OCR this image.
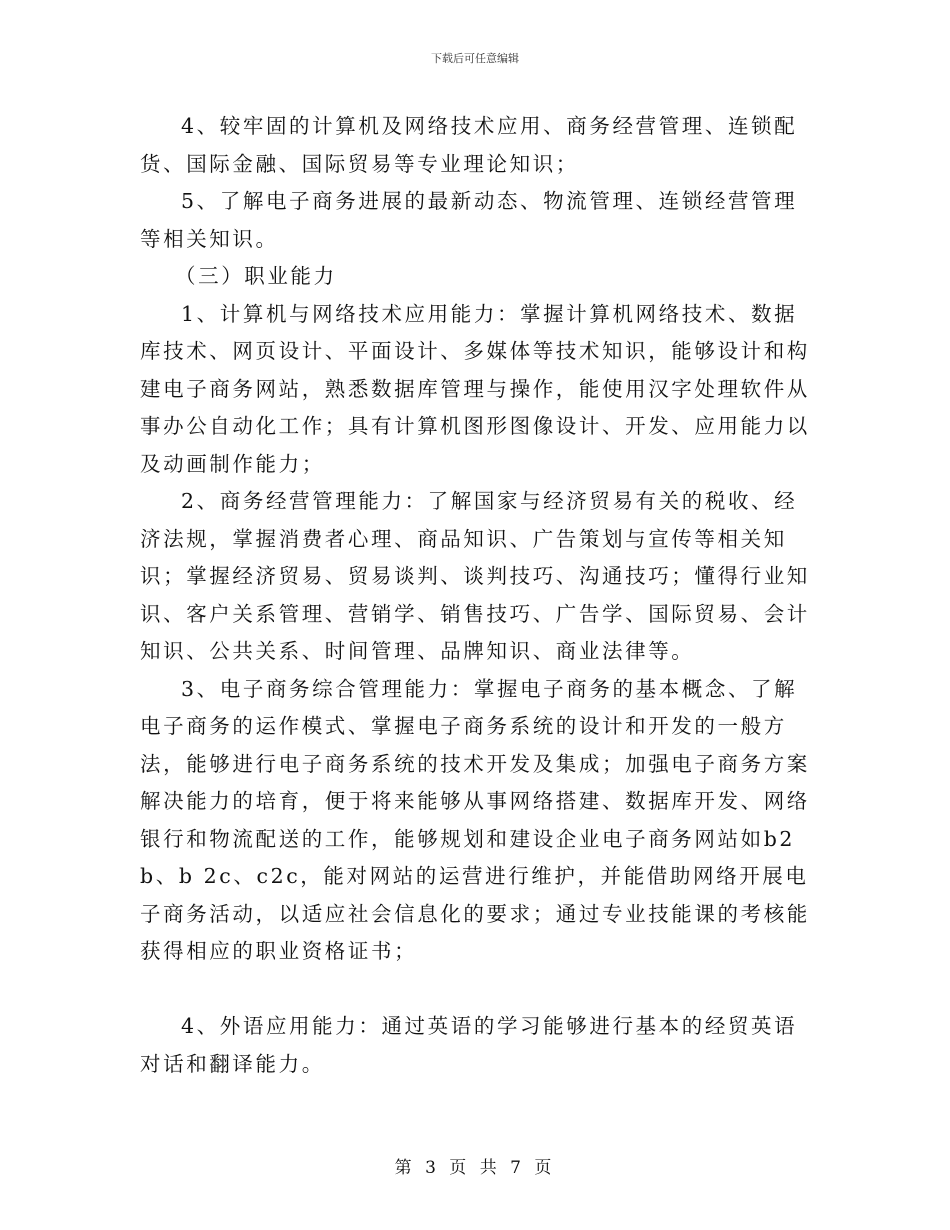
下载后可任意编辑

4、较牢固的计算机及网络技术应用、商务经营管理、连锁配货、国际金融、国际贸易等专业理论知识；

5、了解电子商务进展的最新动态、物流管理、连锁经营管理等相关知识。

（三）职业能力

1、计算机与网络技术应用能力：掌握计算机网络技术、数据库技术、网页设计、平面设计、多媒体等技术知识，能够设计和构建电子商务网站，熟悉数据库管理与操作，能使用汉字处理软件从事办公自动化工作；具有计算机图形图像设计、开发、应用能力以及动画制作能力；

2、商务经营管理能力：了解国家与经济贸易有关的税收、经济法规，掌握消费者心理、商品知识、广告策划与宣传等相关知识；掌握经济贸易、贸易谈判、谈判技巧、沟通技巧；懂得行业知识、客户关系管理、营销学、销售技巧、广告学、国际贸易、会计知识、公共关系、时间管理、品牌知识、商业法律等。

3、电子商务综合管理能力：掌握电子商务的基本概念、了解电子商务的运作模式、掌握电子商务系统的设计和开发的一般方法，能够进行电子商务系统的技术开发及集成；加强电子商务方案解决能力的培育，便于将来能够从事网络搭建、数据库开发、网络银行和物流配送的工作，能够规划和建设企业电子商务网站如b2b、b 2c、c2c，能对网站的运营进行维护，并能借助网络开展电子商务活动，以适应社会信息化的要求；通过专业技能课的考核能获得相应的职业资格证书；

4、外语应用能力：通过英语的学习能够进行基本的经贸英语对话和翻译能力。

第 3 页 共 7 页
